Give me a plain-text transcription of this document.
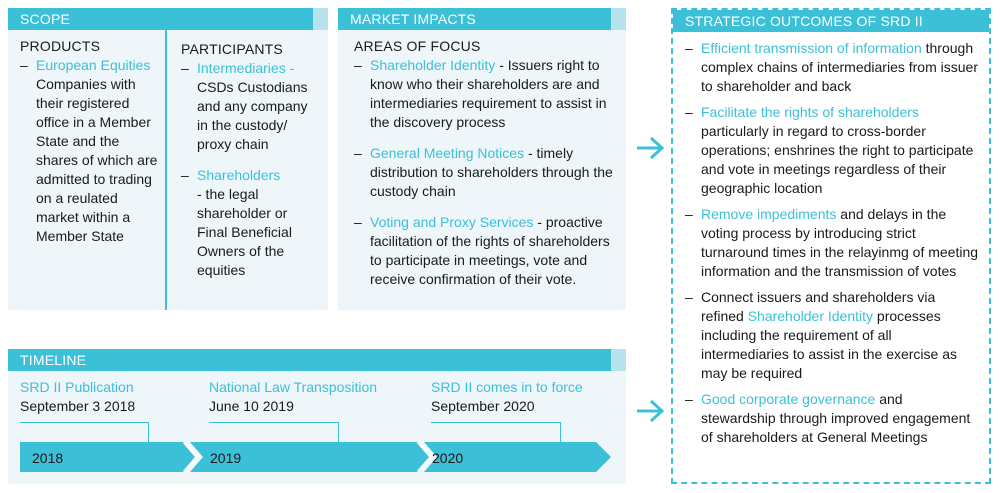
SCOPE
PRODUCTS
– European Equities
Companies with their registered office in a Member State and the shares of which are admitted to trading on a reulated market within a Member State
PARTICIPANTS
– Intermediaries -
CSDs Custodians and any company in the custody/ proxy chain
– Shareholders
- the legal shareholder or Final Beneficial Owners of the equities
MARKET IMPACTS
AREAS OF FOCUS
– Shareholder Identity - Issuers right to know who their shareholders are and intermediaries requirement to assist in the discovery process
– General Meeting Notices - timely distribution to shareholders through the custody chain
– Voting and Proxy Services - proactive facilitation of the rights of shareholders to participate in meetings, vote and receive confirmation of their vote.
STRATEGIC OUTCOMES OF SRD II
– Efficient transmission of information through complex chains of intermediaries from issuer to shareholder and back
– Facilitate the rights of shareholders particularly in regard to cross-border operations; enshrines the right to participate and vote in meetings regardless of their geographic location
– Remove impediments and delays in the voting process by introducing strict turnaround times in the relayinmg of meeting information and the transmission of votes
– Connect issuers and shareholders via refined Shareholder Identity processes including the requirement of all intermediaries to assist in the exercise as may be required
– Good corporate governance and stewardship through improved engagement of shareholders at General Meetings
TIMELINE
SRD II Publication
September 3 2018
National Law Transposition
June 10 2019
SRD II comes in to force
September 2020
2018	2019	2020
